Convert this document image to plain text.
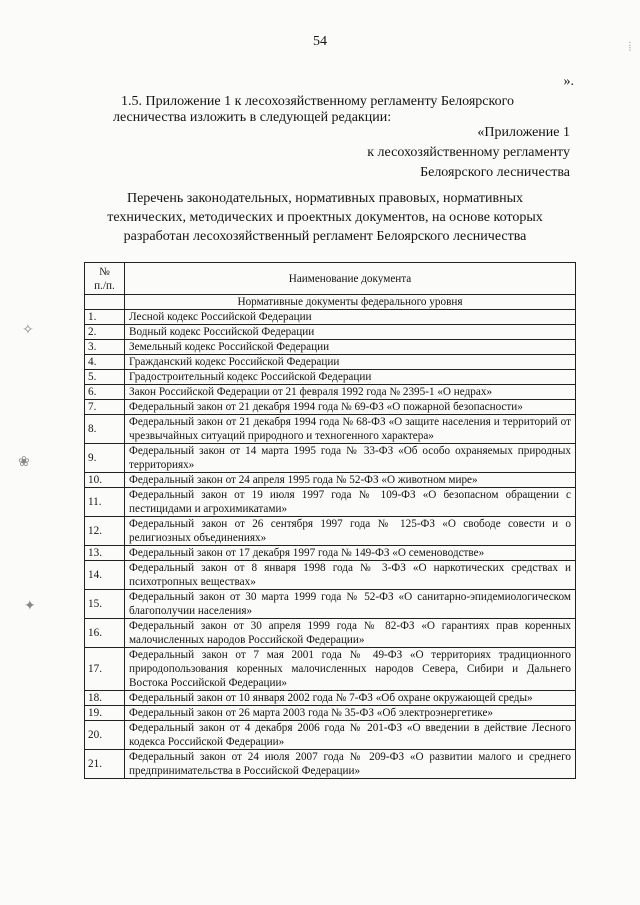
54
».
1.5. Приложение 1 к лесохозяйственному регламенту Белоярского
лесничества изложить в следующей редакции:
«Приложение 1
к лесохозяйственному регламенту
Белоярского лесничества
Перечень законодательных, нормативных правовых, нормативных
технических, методических и проектных документов, на основе которых
разработан лесохозяйственный регламент Белоярского лесничества
✧
❀
✦
⁞
№
п./п.	Наименование документа
	Нормативные документы федерального уровня
1.	Лесной кодекс Российской Федерации
2.	Водный кодекс Российской Федерации
3.	Земельный кодекс Российской Федерации
4.	Гражданский кодекс Российской Федерации
5.	Градостроительный кодекс Российской Федерации
6.	Закон Российской Федерации от 21 февраля 1992 года № 2395-1 «О недрах»
7.	Федеральный закон от 21 декабря 1994 года № 69-ФЗ «О пожарной безопасности»
8.	Федеральный закон от 21 декабря 1994 года № 68-ФЗ «О защите населения и территорий от чрезвычайных ситуаций природного и техногенного характера»
9.	Федеральный закон от 14 марта 1995 года № 33-ФЗ «Об особо охраняемых природных территориях»
10.	Федеральный закон от 24 апреля 1995 года № 52-ФЗ «О животном мире»
11.	Федеральный закон от 19 июля 1997 года № 109-ФЗ «О безопасном обращении с пестицидами и агрохимикатами»
12.	Федеральный закон от 26 сентября 1997 года № 125-ФЗ «О свободе совести и о религиозных объединениях»
13.	Федеральный закон от 17 декабря 1997 года № 149-ФЗ «О семеноводстве»
14.	Федеральный закон от 8 января 1998 года № 3-ФЗ «О наркотических средствах и психотропных веществах»
15.	Федеральный закон от 30 марта 1999 года № 52-ФЗ «О санитарно-эпидемиологическом благополучии населения»
16.	Федеральный закон от 30 апреля 1999 года № 82-ФЗ «О гарантиях прав коренных малочисленных народов Российской Федерации»
17.	Федеральный закон от 7 мая 2001 года № 49-ФЗ «О территориях традиционного природопользования коренных малочисленных народов Севера, Сибири и Дальнего Востока Российской Федерации»
18.	Федеральный закон от 10 января 2002 года № 7-ФЗ «Об охране окружающей среды»
19.	Федеральный закон от 26 марта 2003 года № 35-ФЗ «Об электроэнергетике»
20.	Федеральный закон от 4 декабря 2006 года № 201-ФЗ «О введении в действие Лесного кодекса Российской Федерации»
21.	Федеральный закон от 24 июля 2007 года № 209-ФЗ «О развитии малого и среднего предпринимательства в Российской Федерации»
